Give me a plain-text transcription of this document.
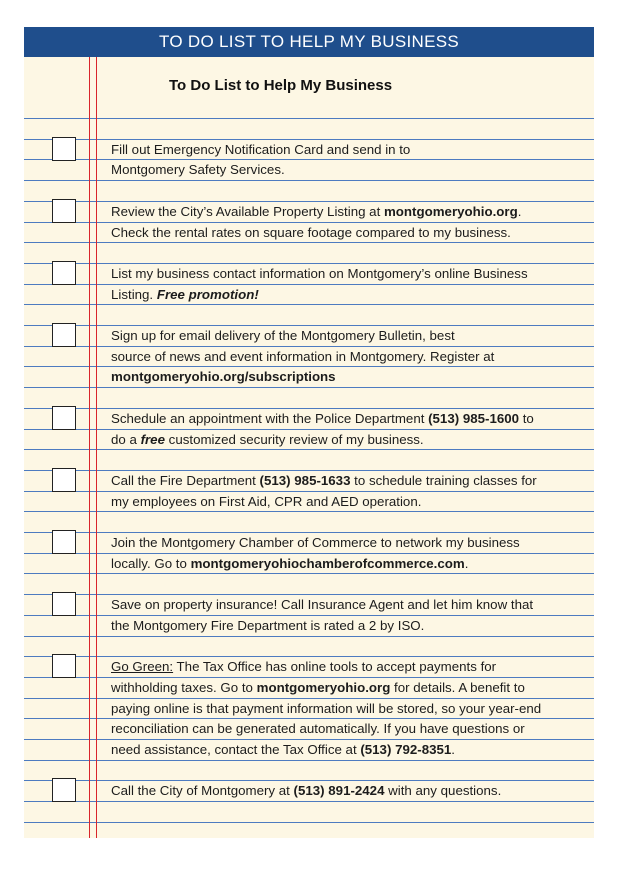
TO DO LIST TO HELP MY BUSINESS
To Do List to Help My Business
Fill out Emergency Notification Card and send in to
Montgomery Safety Services.
Review the City’s Available Property Listing at montgomeryohio.org.
Check the rental rates on square footage compared to my business.
List my business contact information on Montgomery’s online Business
Listing. Free promotion!
Sign up for email delivery of the Montgomery Bulletin, best
source of news and event information in Montgomery. Register at
montgomeryohio.org/subscriptions
Schedule an appointment with the Police Department (513) 985-1600 to
do a free customized security review of my business.
Call the Fire Department (513) 985-1633 to schedule training classes for
my employees on First Aid, CPR and AED operation.
Join the Montgomery Chamber of Commerce to network my business
locally. Go to montgomeryohiochamberofcommerce.com.
Save on property insurance! Call Insurance Agent and let him know that
the Montgomery Fire Department is rated a 2 by ISO.
Go Green: The Tax Office has online tools to accept payments for
withholding taxes. Go to montgomeryohio.org for details. A benefit to
paying online is that payment information will be stored, so your year-end
reconciliation can be generated automatically. If you have questions or
need assistance, contact the Tax Office at (513) 792-8351.
Call the City of Montgomery at (513) 891-2424 with any questions.
